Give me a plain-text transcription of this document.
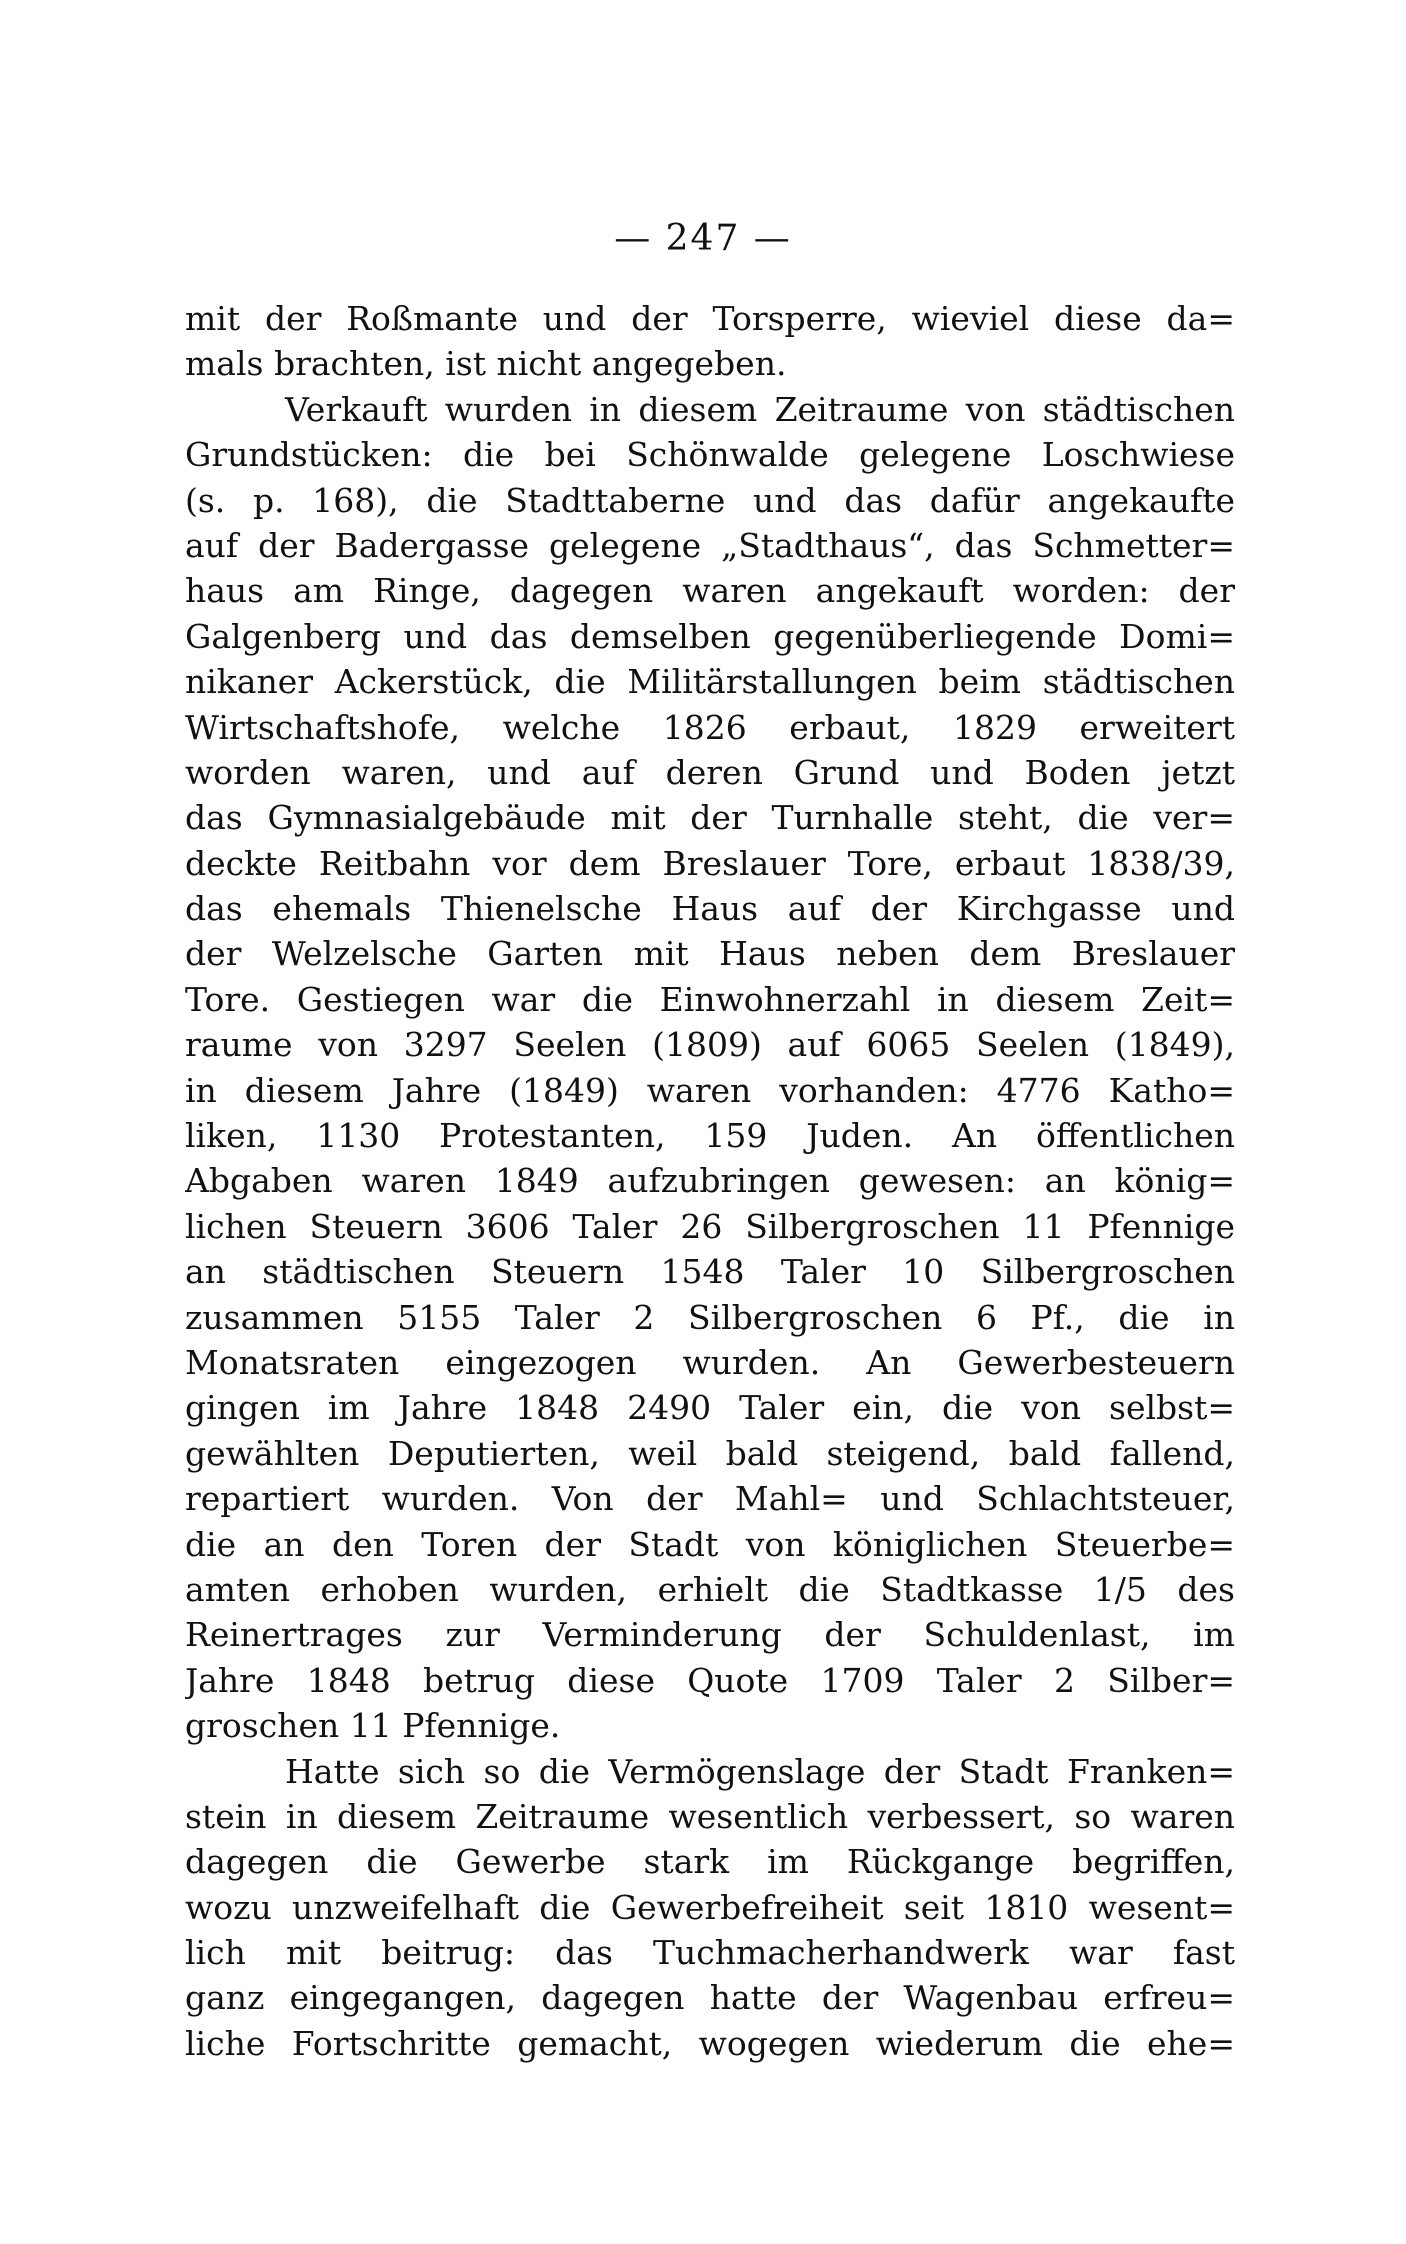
— 247 —
mit der Roßmante und der Torsperre, wieviel diese da=
mals brachten, ist nicht angegeben.
Verkauft wurden in diesem Zeitraume von städtischen
Grundstücken: die bei Schönwalde gelegene Loschwiese
(s. p. 168), die Stadttaberne und das dafür angekaufte
auf der Badergasse gelegene „Stadthaus“, das Schmetter=
haus am Ringe, dagegen waren angekauft worden: der
Galgenberg und das demselben gegenüberliegende Domi=
nikaner Ackerstück, die Militärstallungen beim städtischen
Wirtschaftshofe, welche 1826 erbaut, 1829 erweitert
worden waren, und auf deren Grund und Boden jetzt
das Gymnasialgebäude mit der Turnhalle steht, die ver=
deckte Reitbahn vor dem Breslauer Tore, erbaut 1838/39,
das ehemals Thienelsche Haus auf der Kirchgasse und
der Welzelsche Garten mit Haus neben dem Breslauer
Tore. Gestiegen war die Einwohnerzahl in diesem Zeit=
raume von 3297 Seelen (1809) auf 6065 Seelen (1849),
in diesem Jahre (1849) waren vorhanden: 4776 Katho=
liken, 1130 Protestanten, 159 Juden. An öffentlichen
Abgaben waren 1849 aufzubringen gewesen: an könig=
lichen Steuern 3606 Taler 26 Silbergroschen 11 Pfennige
an städtischen Steuern 1548 Taler 10 Silbergroschen
zusammen 5155 Taler 2 Silbergroschen 6 Pf., die in
Monatsraten eingezogen wurden. An Gewerbesteuern
gingen im Jahre 1848 2490 Taler ein, die von selbst=
gewählten Deputierten, weil bald steigend, bald fallend,
repartiert wurden. Von der Mahl= und Schlachtsteuer,
die an den Toren der Stadt von königlichen Steuerbe=
amten erhoben wurden, erhielt die Stadtkasse 1/5 des
Reinertrages zur Verminderung der Schuldenlast, im
Jahre 1848 betrug diese Quote 1709 Taler 2 Silber=
groschen 11 Pfennige.
Hatte sich so die Vermögenslage der Stadt Franken=
stein in diesem Zeitraume wesentlich verbessert, so waren
dagegen die Gewerbe stark im Rückgange begriffen,
wozu unzweifelhaft die Gewerbefreiheit seit 1810 wesent=
lich mit beitrug: das Tuchmacherhandwerk war fast
ganz eingegangen, dagegen hatte der Wagenbau erfreu=
liche Fortschritte gemacht, wogegen wiederum die ehe=
